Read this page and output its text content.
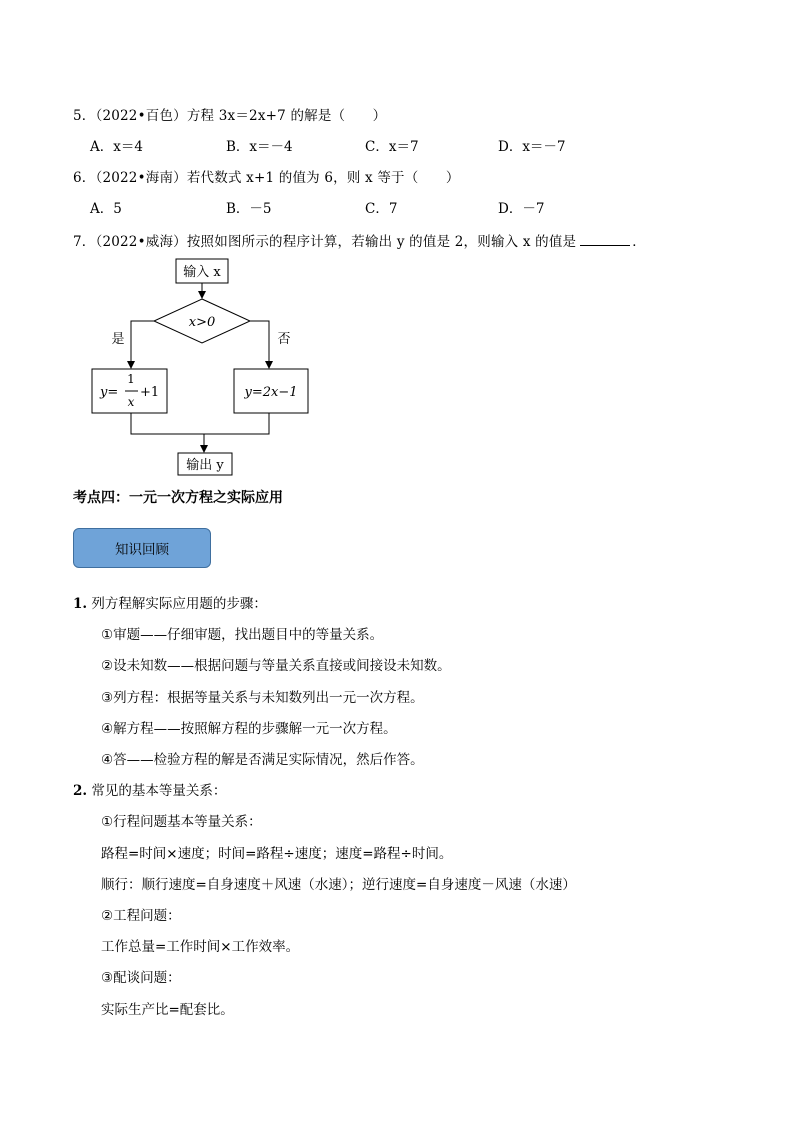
5．（2022•百色）方程 3x＝2x+7 的解是（　　）
A．x＝4	B．x＝－4	C．x＝7	D．x＝－7
6．（2022•海南）若代数式 x+1 的值为 6，则 x 等于（　　）
A．5	B．－5	C．7	D．－7
7．（2022•威海）按照如图所示的程序计算，若输出 y 的值是 2，则输入 x 的值是	．
输入 x
x>0
是	否
y=
1
x
+1	y=2x−1
输出 y
考点四：一元一次方程之实际应用
知识回顾
1. 列方程解实际应用题的步骤：
①审题——仔细审题，找出题目中的等量关系。
②设未知数——根据问题与等量关系直接或间接设未知数。
③列方程：根据等量关系与未知数列出一元一次方程。
④解方程——按照解方程的步骤解一元一次方程。
④答——检验方程的解是否满足实际情况，然后作答。
2. 常见的基本等量关系：
①行程问题基本等量关系：
路程=时间×速度；时间=路程÷速度；速度=路程÷时间。
顺行：顺行速度=自身速度＋风速（水速）；逆行速度=自身速度－风速（水速）
②工程问题：
工作总量=工作时间×工作效率。
③配谈问题：
实际生产比=配套比。
